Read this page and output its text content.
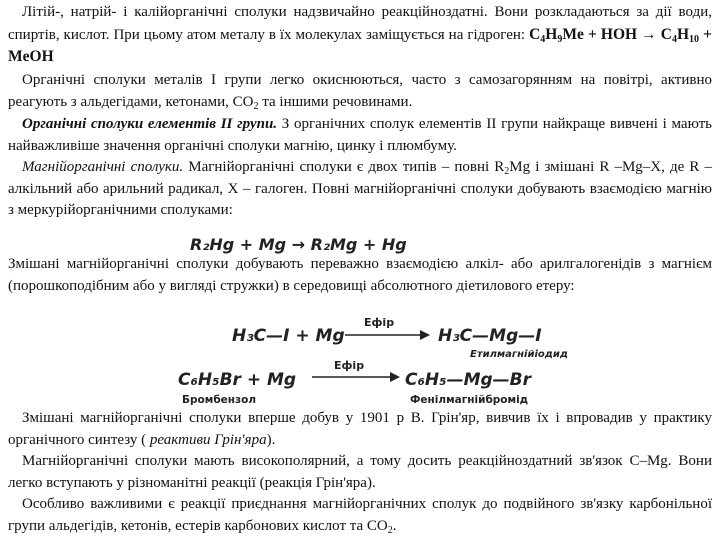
Літій-, натрій- і калійорганічні сполуки надзвичайно реакційноздатні. Вони розкладаються за дії води, спиртів, кислот. При цьому атом металу в їх молекулах заміщується на гідроген: $C_4H_9Me$ + HOH → $C_4H_{10}$ + MeOH
Органічні сполуки металів I групи легко окиснюються, часто з самозагорянням на повітрі, активно реагують з альдегідами, кетонами, $СО_2$ та іншими речовинами.
Органічні сполуки елементів II групи. З органічних сполук елементів II групи найкраще вивчені і мають найважливіше значення органічні сполуки магнію, цинку і плюмбуму.
Магнійорганічні сполуки. Магнійорганічні сполуки є двох типів – повні $R_2Mg$ і змішані R –Mg–X, де R – алкільний або арильний радикал, X – галоген. Повні магнійорганічні сполуки добувають взаємодією магнію з меркурійорганічними сполуками:
R₂Hg + Mg → R₂Mg + Hg
H₃C—I + Mg
Ефір
H₃C—Mg—I
Етилмагнійіодид
C₆H₅Br + Mg
Ефір
C₆H₅—Mg—Br
Бромбензол	Фенілмагнійбромід
Змішані магнійорганічні сполуки добувають переважно взаємодією алкіл- або арилгалогенідів з магнієм (порошкоподібним або у вигляді стружки) в середовищі абсолютного діетилового етеру:
Змішані магнійорганічні сполуки вперше добув у 1901 р В. Грін'яр, вивчив їх і впровадив у практику органічного синтезу ( реактиви Грін'яра).
Магнійорганічні сполуки мають високополярний, а тому досить реакційноздатний зв'язок C–Mg. Вони легко вступають у різноманітні реакції (реакція Грін'яра).
Особливо важливими є реакції приєднання магнійорганічних сполук до подвійного зв'язку карбонільної групи альдегідів, кетонів, естерів карбонових кислот та $СО_2$.
